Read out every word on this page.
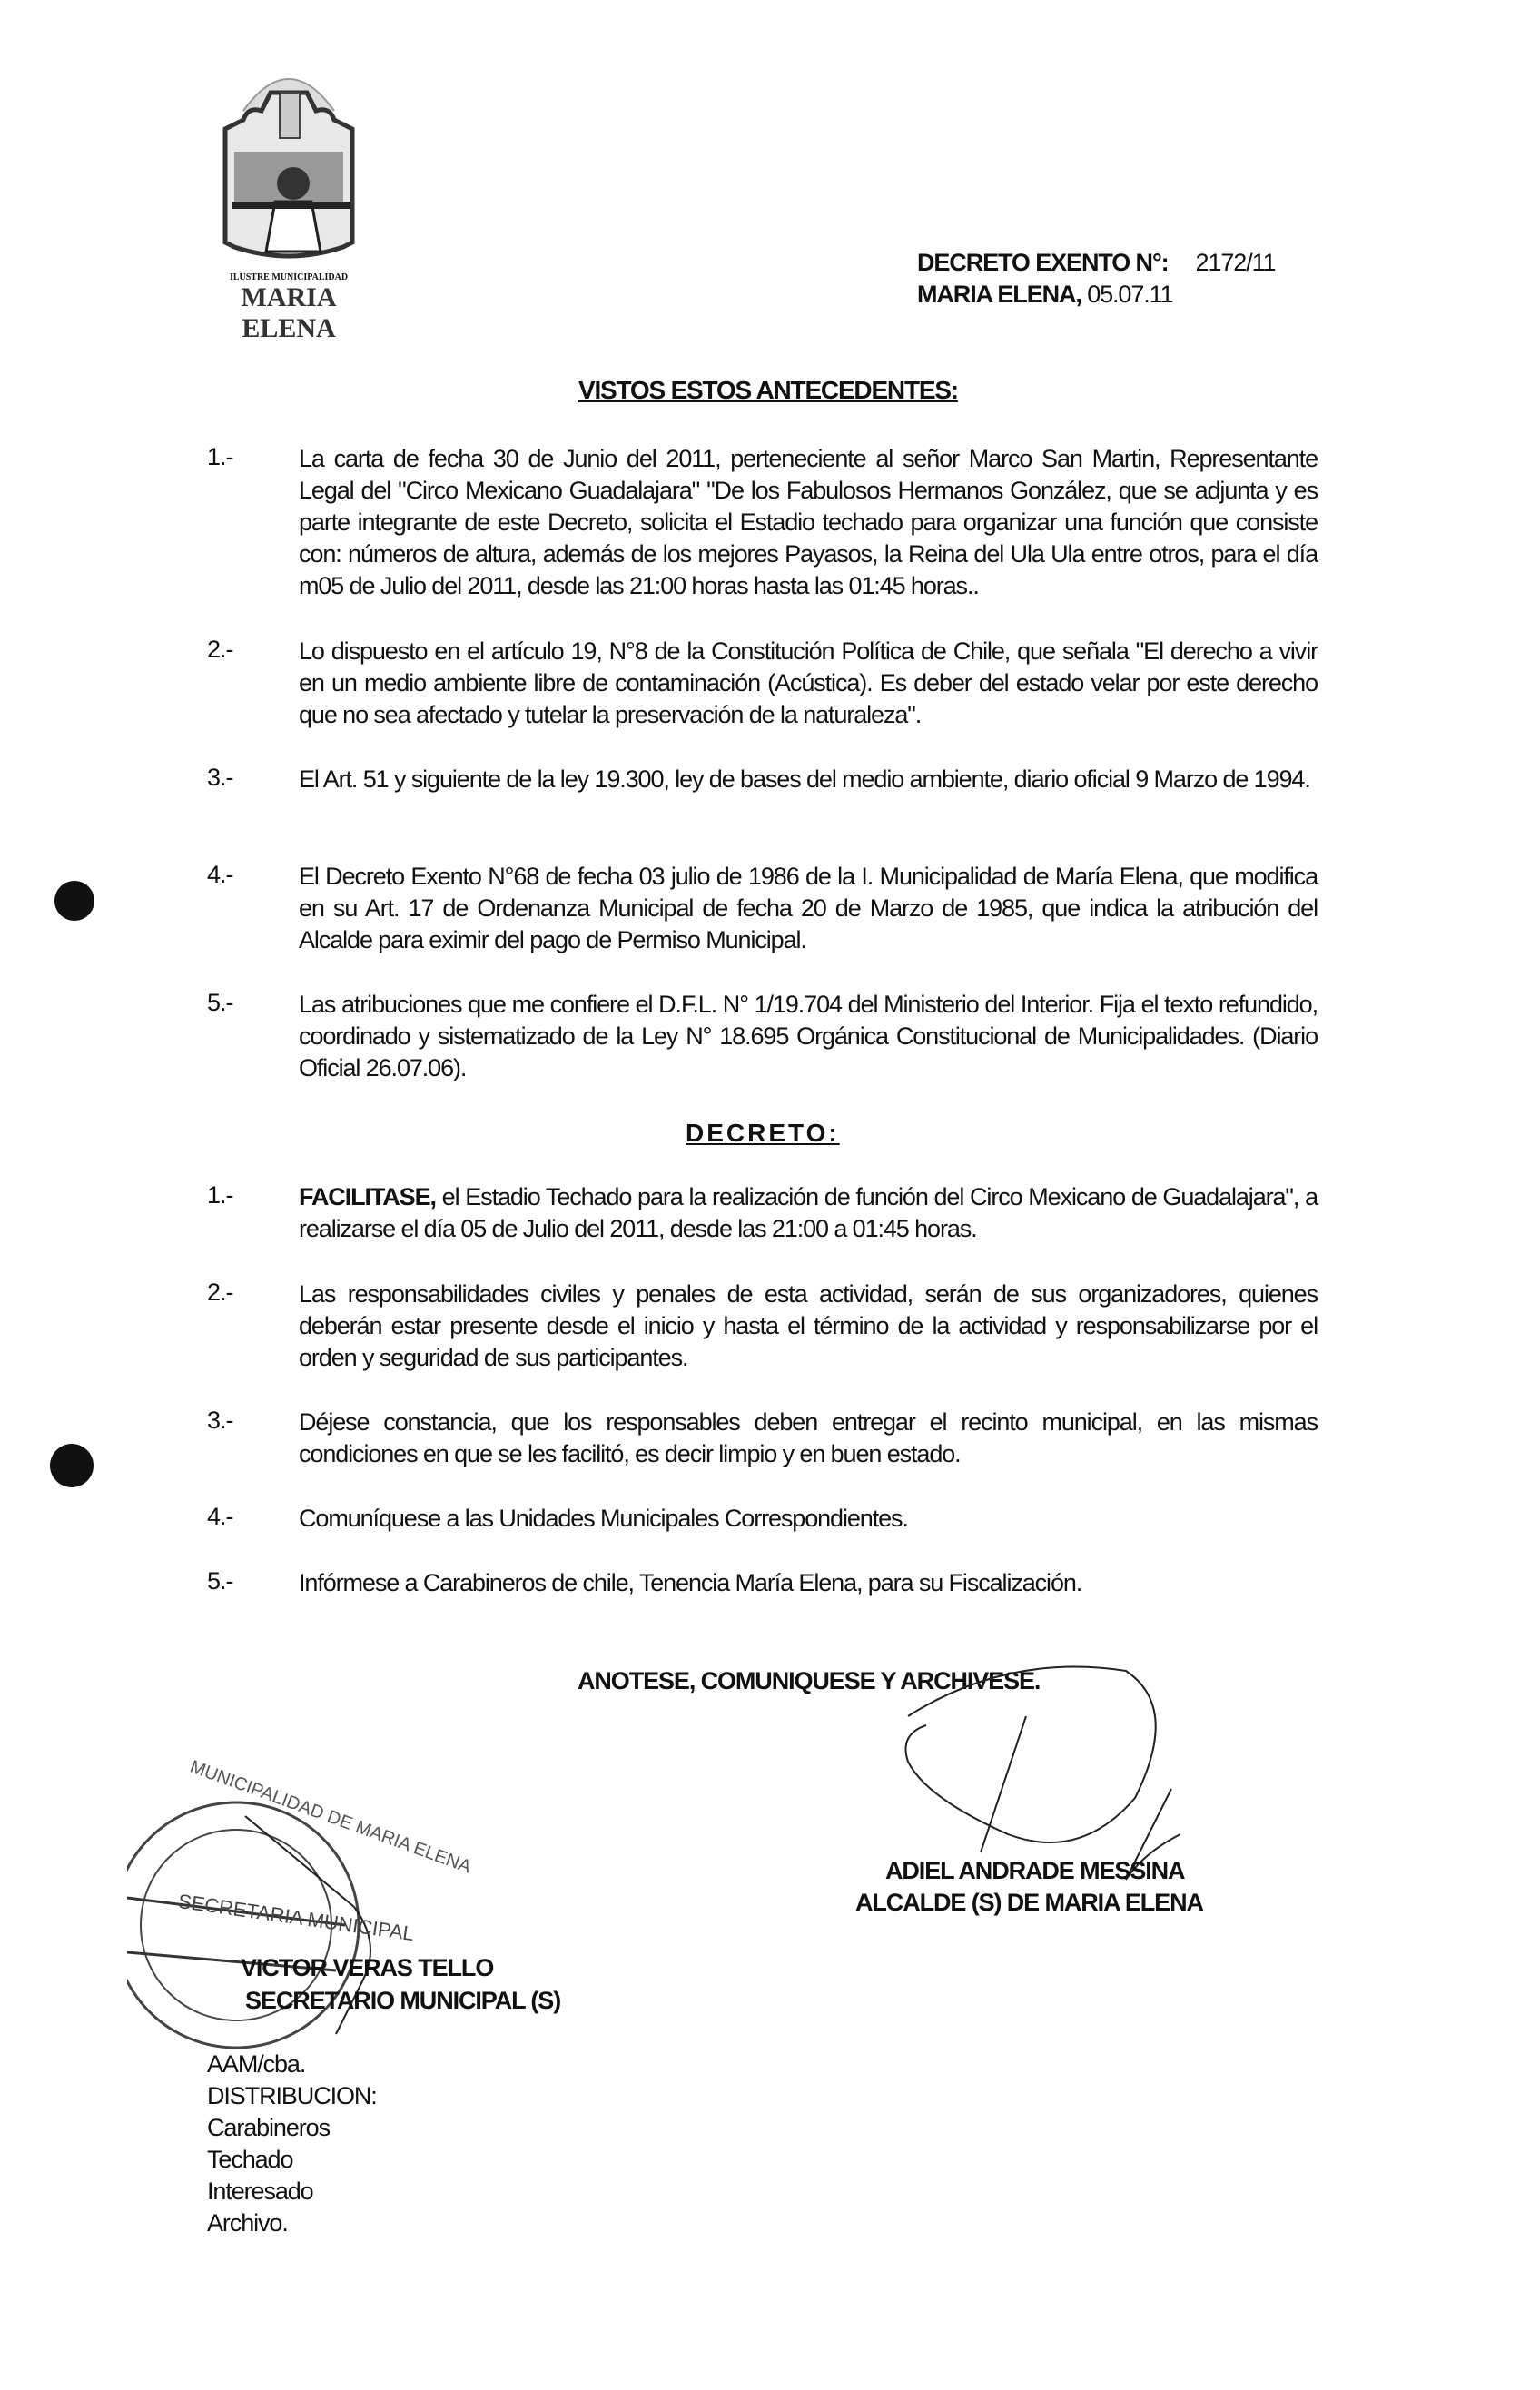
ILUSTRE MUNICIPALIDAD
MARIA ELENA
DECRETO EXENTO N°: 2172/11
MARIA ELENA, 05.07.11
VISTOS ESTOS ANTECEDENTES:
1.-	La carta de fecha 30 de Junio del 2011, perteneciente al señor Marco San Martin, Representante Legal del "Circo Mexicano Guadalajara" "De los Fabulosos Hermanos González, que se adjunta y es parte integrante de este Decreto, solicita el Estadio techado para organizar una función que consiste con: números de altura, además de los mejores Payasos, la Reina del Ula Ula entre otros, para el día m05 de Julio del 2011, desde las 21:00 horas hasta las 01:45 horas..
2.-	Lo dispuesto en el artículo 19, N°8 de la Constitución Política de Chile, que señala "El derecho a vivir en un medio ambiente libre de contaminación (Acústica). Es deber del estado velar por este derecho que no sea afectado y tutelar la preservación de la naturaleza".
3.-	El Art. 51 y siguiente de la ley 19.300, ley de bases del medio ambiente, diario oficial 9 Marzo de 1994.
4.-	El Decreto Exento N°68 de fecha 03 julio de 1986 de la I. Municipalidad de María Elena, que modifica en su Art. 17 de Ordenanza Municipal de fecha 20 de Marzo de 1985, que indica la atribución del Alcalde para eximir del pago de Permiso Municipal.
5.-	Las atribuciones que me confiere el D.F.L. N° 1/19.704 del Ministerio del Interior. Fija el texto refundido, coordinado y sistematizado de la Ley N° 18.695 Orgánica Constitucional de Municipalidades. (Diario Oficial 26.07.06).
DECRETO:
1.-	FACILITASE, el Estadio Techado para la realización de función del Circo Mexicano de Guadalajara", a realizarse el día 05 de Julio del 2011, desde las 21:00 a 01:45 horas.
2.-	Las responsabilidades civiles y penales de esta actividad, serán de sus organizadores, quienes deberán estar presente desde el inicio y hasta el término de la actividad y responsabilizarse por el orden y seguridad de sus participantes.
3.-	Déjese constancia, que los responsables deben entregar el recinto municipal, en las mismas condiciones en que se les facilitó, es decir limpio y en buen estado.
4.-	Comuníquese a las Unidades Municipales Correspondientes.
5.-	Infórmese a Carabineros de chile, Tenencia María Elena, para su Fiscalización.
ANOTESE, COMUNIQUESE Y ARCHIVESE.
ADIEL ANDRADE MESSINA
ALCALDE (S) DE MARIA ELENA
SECRETARIA MUNICIPAL
MUNICIPALIDAD DE MARIA ELENA
VICTOR VERAS TELLO
SECRETARIO MUNICIPAL (S)
AAM/cba.
DISTRIBUCION:
Carabineros
Techado
Interesado
Archivo.
